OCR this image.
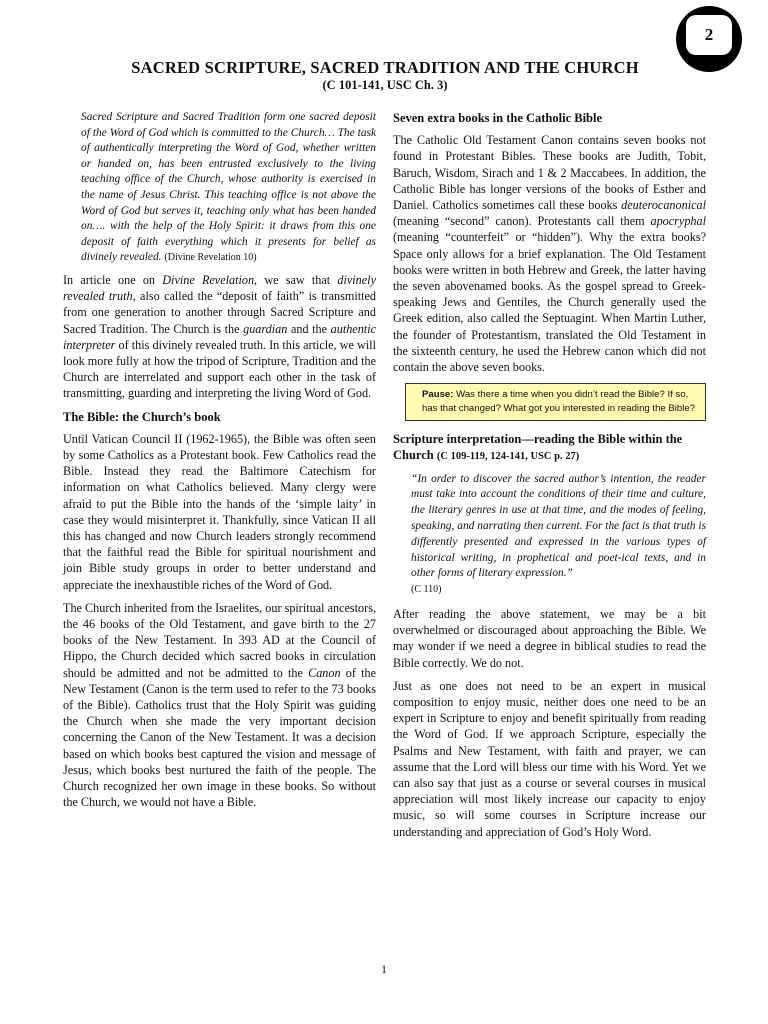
2
SACRED SCRIPTURE, SACRED TRADITION AND THE CHURCH
(C 101-141, USC Ch. 3)

Sacred Scripture and Sacred Tradition form one sacred deposit of the Word of God which is committed to the Church… The task of authentically interpreting the Word of God, whether written or handed on, has been entrusted exclusively to the living teaching office of the Church, whose authority is exercised in the name of Jesus Christ. This teaching office is not above the Word of God but serves it, teaching only what has been handed on…. with the help of the Holy Spirit: it draws from this one deposit of faith everything which it presents for belief as divinely revealed. (Divine Revelation 10)

In article one on Divine Revelation, we saw that divinely revealed truth, also called the “deposit of faith” is transmitted from one generation to another through Sacred Scripture and Sacred Tradition. The Church is the guardian and the authentic interpreter of this divinely revealed truth. In this article, we will look more fully at how the tripod of Scripture, Tradition and the Church are interrelated and support each other in the task of transmitting, guarding and interpreting the living Word of God.

The Bible: the Church’s book

Until Vatican Council II (1962-1965), the Bible was often seen by some Catholics as a Protestant book. Few Catholics read the Bible. Instead they read the Baltimore Catechism for information on what Catholics believed. Many clergy were afraid to put the Bible into the hands of the ‘simple laity’ in case they would misinterpret it. Thankfully, since Vatican II all this has changed and now Church leaders strongly recommend that the faithful read the Bible for spiritual nourishment and join Bible study groups in order to better understand and appreciate the inexhaustible riches of the Word of God.

The Church inherited from the Israelites, our spiritual ancestors, the 46 books of the Old Testament, and gave birth to the 27 books of the New Testament. In 393 AD at the Council of Hippo, the Church decided which sacred books in circulation should be admitted and not be admitted to the Canon of the New Testament (Canon is the term used to refer to the 73 books of the Bible). Catholics trust that the Holy Spirit was guiding the Church when she made the very important decision concerning the Canon of the New Testament. It was a decision based on which books best captured the vision and message of Jesus, which books best nurtured the faith of the people. The Church recognized her own image in these books. So without the Church, we would not have a Bible.

Seven extra books in the Catholic Bible

The Catholic Old Testament Canon contains seven books not found in Protestant Bibles. These books are Judith, Tobit, Baruch, Wisdom, Sirach and 1 & 2 Maccabees. In addition, the Catholic Bible has longer versions of the books of Esther and Daniel. Catholics sometimes call these books deuterocanonical (meaning “second” canon). Protestants call them apocryphal (meaning “counterfeit” or “hidden”). Why the extra books? Space only allows for a brief explanation. The Old Testament books were written in both Hebrew and Greek, the latter having the seven abovenamed books. As the gospel spread to Greek-speaking Jews and Gentiles, the Church generally used the Greek edition, also called the Septuagint. When Martin Luther, the founder of Protestantism, translated the Old Testament in the sixteenth century, he used the Hebrew canon which did not contain the above seven books.

Pause: Was there a time when you didn’t read the Bible? If so, has that changed? What got you interested in reading the Bible?
Scripture interpretation—reading the Bible within the Church (C 109-119, 124-141, USC p. 27)

“In order to discover the sacred author’s intention, the reader must take into account the conditions of their time and culture, the literary genres in use at that time, and the modes of feeling, speaking, and narrating then current. For the fact is that truth is differently presented and expressed in the various types of historical writing, in prophetical and poet-ical texts, and in other forms of literary expression.”
(C 110)

After reading the above statement, we may be a bit overwhelmed or discouraged about approaching the Bible. We may wonder if we need a degree in biblical studies to read the Bible correctly. We do not.

Just as one does not need to be an expert in musical composition to enjoy music, neither does one need to be an expert in Scripture to enjoy and benefit spiritually from reading the Word of God. If we approach Scripture, especially the Psalms and New Testament, with faith and prayer, we can assume that the Lord will bless our time with his Word. Yet we can also say that just as a course or several courses in musical appreciation will most likely increase our capacity to enjoy music, so will some courses in Scripture increase our understanding and appreciation of God’s Holy Word.

1
